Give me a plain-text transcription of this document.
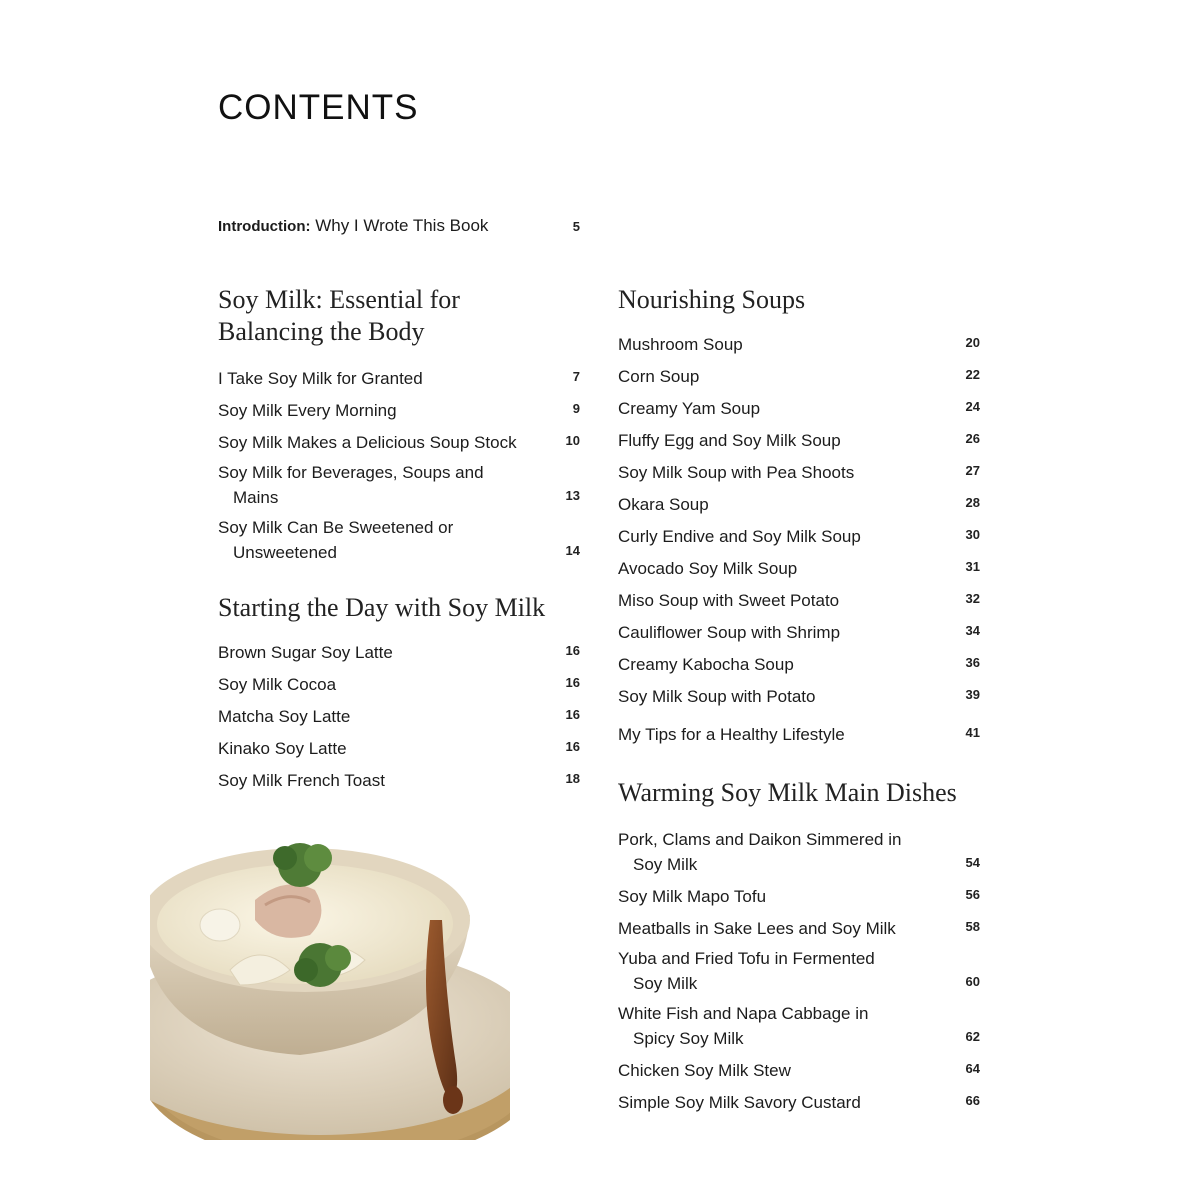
CONTENTS
Introduction: Why I Wrote This Book	5
Soy Milk: Essential for
Balancing the Body
I Take Soy Milk for Granted	7
Soy Milk Every Morning	9
Soy Milk Makes a Delicious Soup Stock	10
Soy Milk for Beverages, Soups and
Mains	13
Soy Milk Can Be Sweetened or
Unsweetened	14
Starting the Day with Soy Milk
Brown Sugar Soy Latte	16
Soy Milk Cocoa	16
Matcha Soy Latte	16
Kinako Soy Latte	16
Soy Milk French Toast	18
Nourishing Soups
Mushroom Soup	20
Corn Soup	22
Creamy Yam Soup	24
Fluffy Egg and Soy Milk Soup	26
Soy Milk Soup with Pea Shoots	27
Okara Soup	28
Curly Endive and Soy Milk Soup	30
Avocado Soy Milk Soup	31
Miso Soup with Sweet Potato	32
Cauliflower Soup with Shrimp	34
Creamy Kabocha Soup	36
Soy Milk Soup with Potato	39
My Tips for a Healthy Lifestyle	41
Warming Soy Milk Main Dishes
Pork, Clams and Daikon Simmered in
Soy Milk	54
Soy Milk Mapo Tofu	56
Meatballs in Sake Lees and Soy Milk	58
Yuba and Fried Tofu in Fermented
Soy Milk	60
White Fish and Napa Cabbage in
Spicy Soy Milk	62
Chicken Soy Milk Stew	64
Simple Soy Milk Savory Custard	66
